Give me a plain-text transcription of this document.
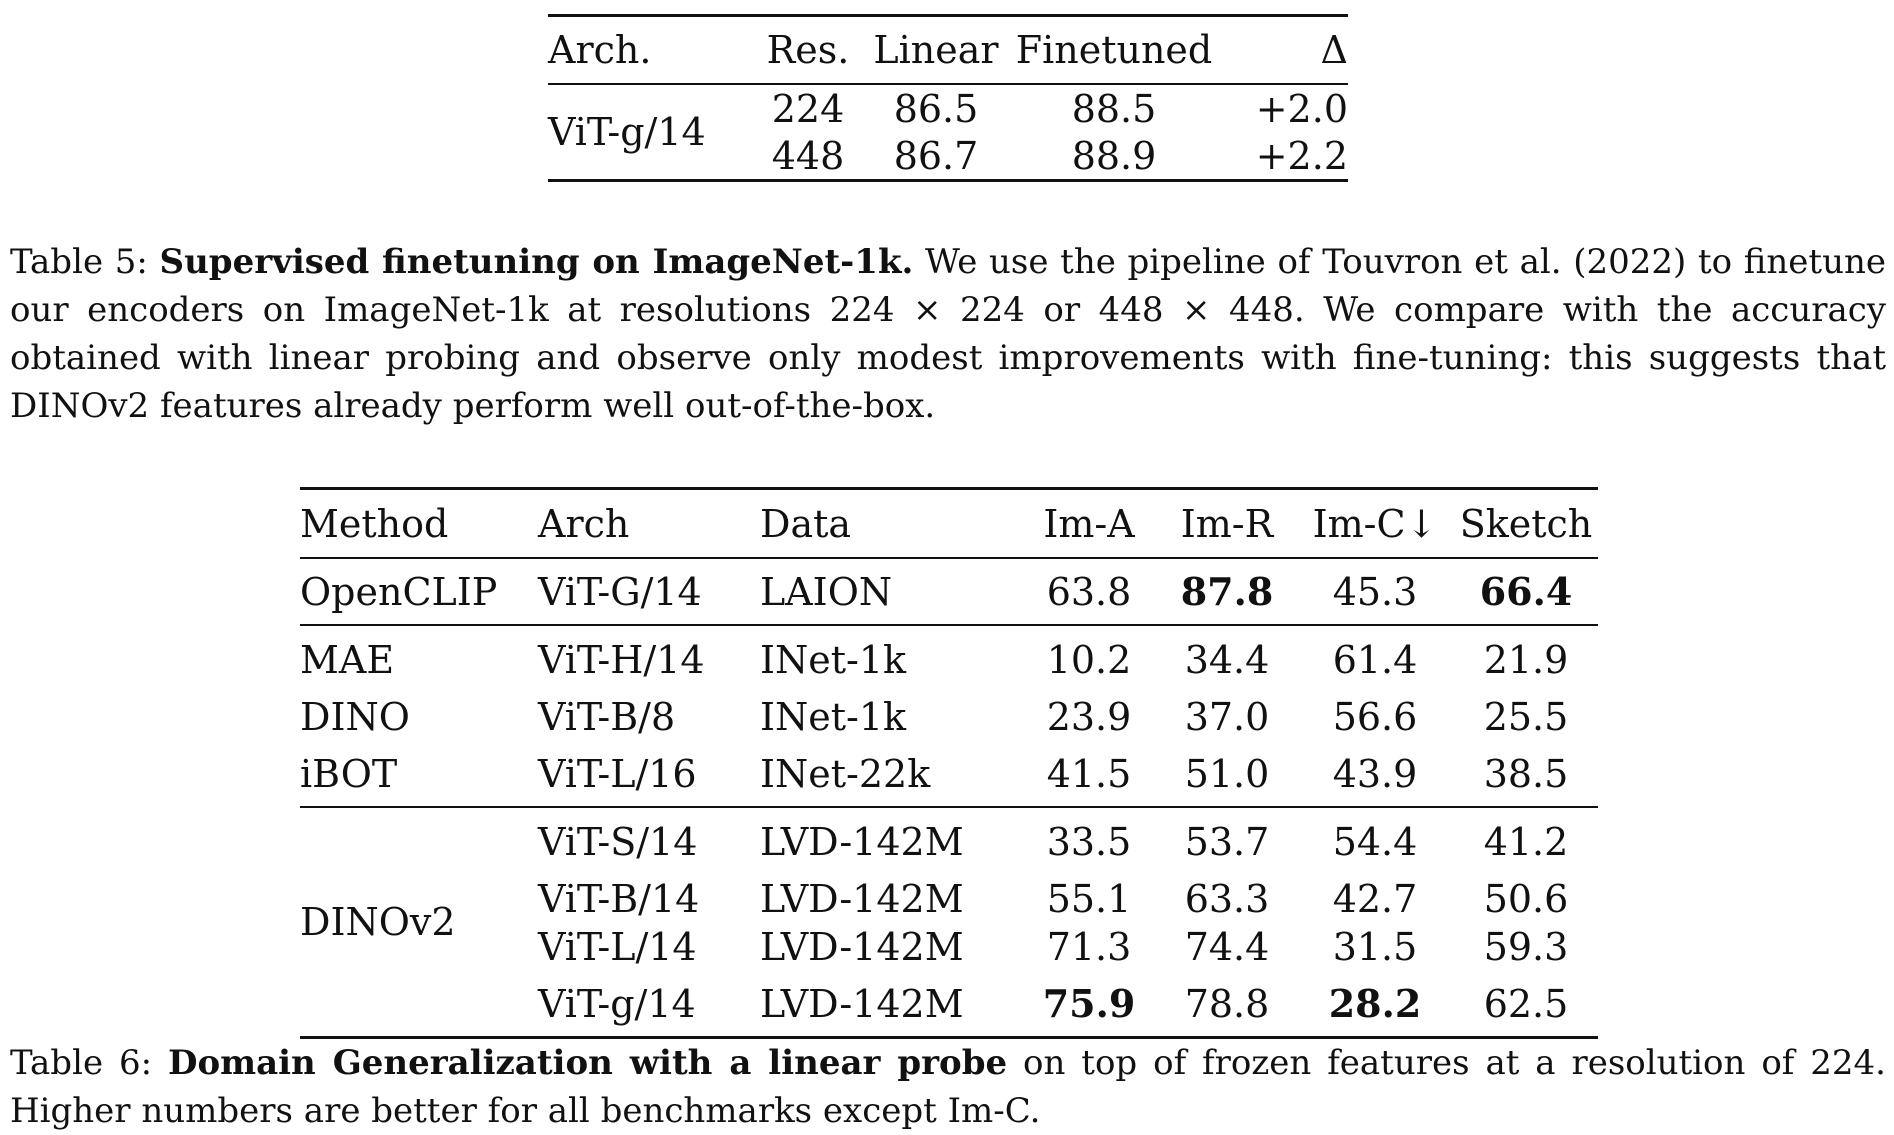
Arch.	Res.	Linear	Finetuned	Δ
ViT-g/14	224	86.5	88.5	+2.0
	448	86.7	88.9	+2.2

Table 5: Supervised finetuning on ImageNet-1k. We use the pipeline of Touvron et al. (2022) to finetune our encoders on ImageNet-1k at resolutions 224 × 224 or 448 × 448. We compare with the accuracy obtained with linear probing and observe only modest improvements with fine-tuning: this suggests that DINOv2 features already perform well out-of-the-box.

Method	Arch	Data	Im-A	Im-R	Im-C↓	Sketch
OpenCLIP	ViT-G/14	LAION	63.8	87.8	45.3	66.4
MAE	ViT-H/14	INet-1k	10.2	34.4	61.4	21.9
DINO	ViT-B/8	INet-1k	23.9	37.0	56.6	25.5
iBOT	ViT-L/16	INet-22k	41.5	51.0	43.9	38.5
DINOv2	ViT-S/14	LVD-142M	33.5	53.7	54.4	41.2
	ViT-B/14	LVD-142M	55.1	63.3	42.7	50.6
	ViT-L/14	LVD-142M	71.3	74.4	31.5	59.3
	ViT-g/14	LVD-142M	75.9	78.8	28.2	62.5

Table 6: Domain Generalization with a linear probe on top of frozen features at a resolution of 224. Higher numbers are better for all benchmarks except Im-C.
